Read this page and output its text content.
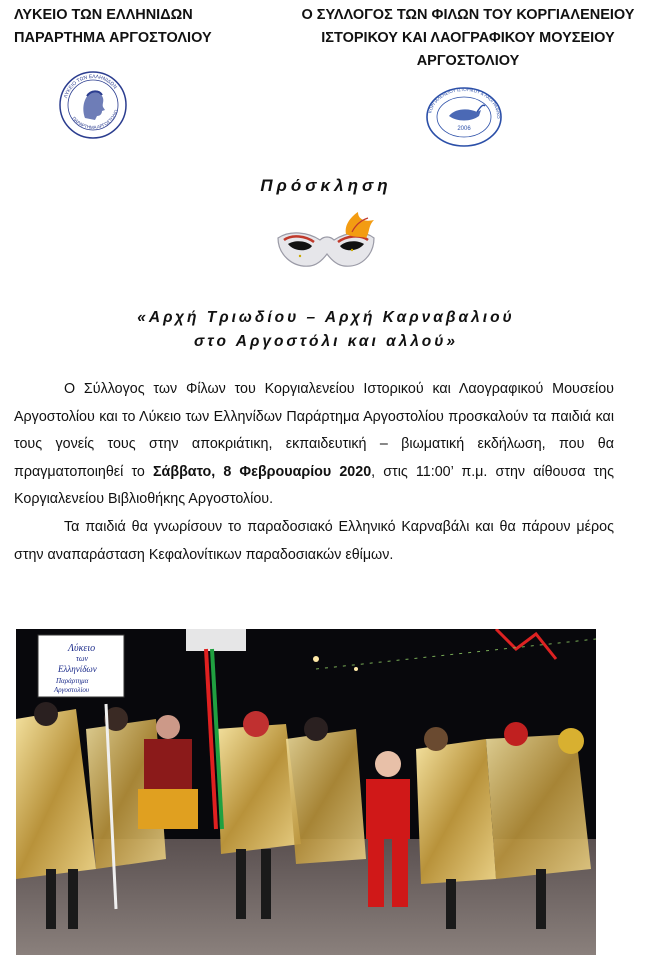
ΛΥΚΕΙΟ ΤΩΝ ΕΛΛΗΝΙΔΩΝ
ΠΑΡΑΡΤΗΜΑ ΑΡΓΟΣΤΟΛΙΟΥ
Ο ΣΥΛΛΟΓΟΣ ΤΩΝ ΦΙΛΩΝ ΤΟΥ ΚΟΡΓΙΑΛΕΝΕΙΟΥ
ΙΣΤΟΡΙΚΟΥ ΚΑΙ ΛΑΟΓΡΑΦΙΚΟΥ ΜΟΥΣΕΙΟΥ
ΑΡΓΟΣΤΟΛΙΟΥ
ΛΥΚΕΙΟ ΤΩΝ ΕΛΛΗΝΙΔΩΝ
ΠΑΡΑΡΤΗΜΑ ΑΡΓΟΣΤΟΛΙΟ
2006
ΚΟΡΓΙΑΛΕΝΕΙΟΥ ΙΣΤΟΡΙΚΟΥ & ΛΑΟΓΡΑΦΙΚΟ
Πρόσκληση
«Αρχή Τριωδίου – Αρχή Καρναβαλιού
στο Αργοστόλι και αλλού»

Ο Σύλλογος των Φίλων του Κοργιαλενείου Ιστορικού και Λαογραφικού Μουσείου Αργοστολίου και το Λύκειο των Ελληνίδων Παράρτημα Αργοστολίου προσκαλούν τα παιδιά και τους γονείς τους στην αποκριάτικη, εκπαιδευτική – βιωματική εκδήλωση, που θα πραγματοποιηθεί το Σάββατο, 8 Φεβρουαρίου 2020, στις 11:00’ π.μ. στην αίθουσα της Κοργιαλενείου Βιβλιοθήκης Αργοστολίου.

Τα παιδιά θα γνωρίσουν το παραδοσιακό Ελληνικό Καρναβάλι και θα πάρουν μέρος στην αναπαράσταση Κεφαλονίτικων παραδοσιακών εθίμων.

Λύκειο
των
Ελληνίδων
Παράρτημα
Αργοστολίου
